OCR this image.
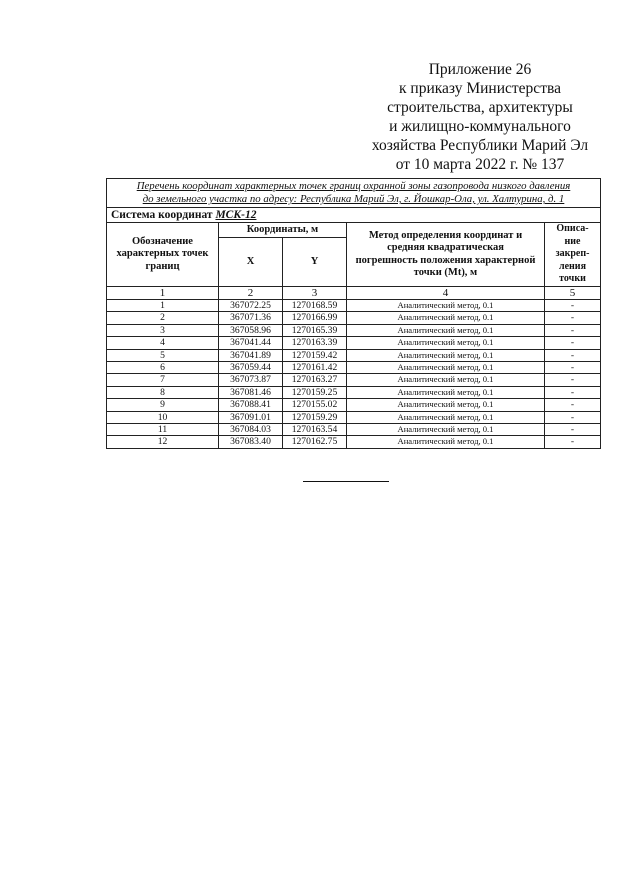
Приложение 26
к приказу Министерства
строительства, архитектуры
и жилищно-коммунального
хозяйства Республики Марий Эл
от 10 марта 2022 г. № 137
Перечень координат характерных точек границ охранной зоны газопровода низкого давления
до земельного участка по адресу: Республика Марий Эл, г. Йошкар-Ола, ул. Халтурина, д. 1				

Система координат МСК-12				
Обозначение характерных точек границ	Координаты, м		Метод определения координат и средняя квадратическая погрешность положения характерной точки (Mt), м	Описа-ние закреп-ления точки
	X	Y		
1	2	3	4	5
1	367072.25	1270168.59	Аналитический метод, 0.1	-
2	367071.36	1270166.99	Аналитический метод, 0.1	-
3	367058.96	1270165.39	Аналитический метод, 0.1	-
4	367041.44	1270163.39	Аналитический метод, 0.1	-
5	367041.89	1270159.42	Аналитический метод, 0.1	-
6	367059.44	1270161.42	Аналитический метод, 0.1	-
7	367073.87	1270163.27	Аналитический метод, 0.1	-
8	367081.46	1270159.25	Аналитический метод, 0.1	-
9	367088.41	1270155.02	Аналитический метод, 0.1	-
10	367091.01	1270159.29	Аналитический метод, 0.1	-
11	367084.03	1270163.54	Аналитический метод, 0.1	-
12	367083.40	1270162.75	Аналитический метод, 0.1	-
